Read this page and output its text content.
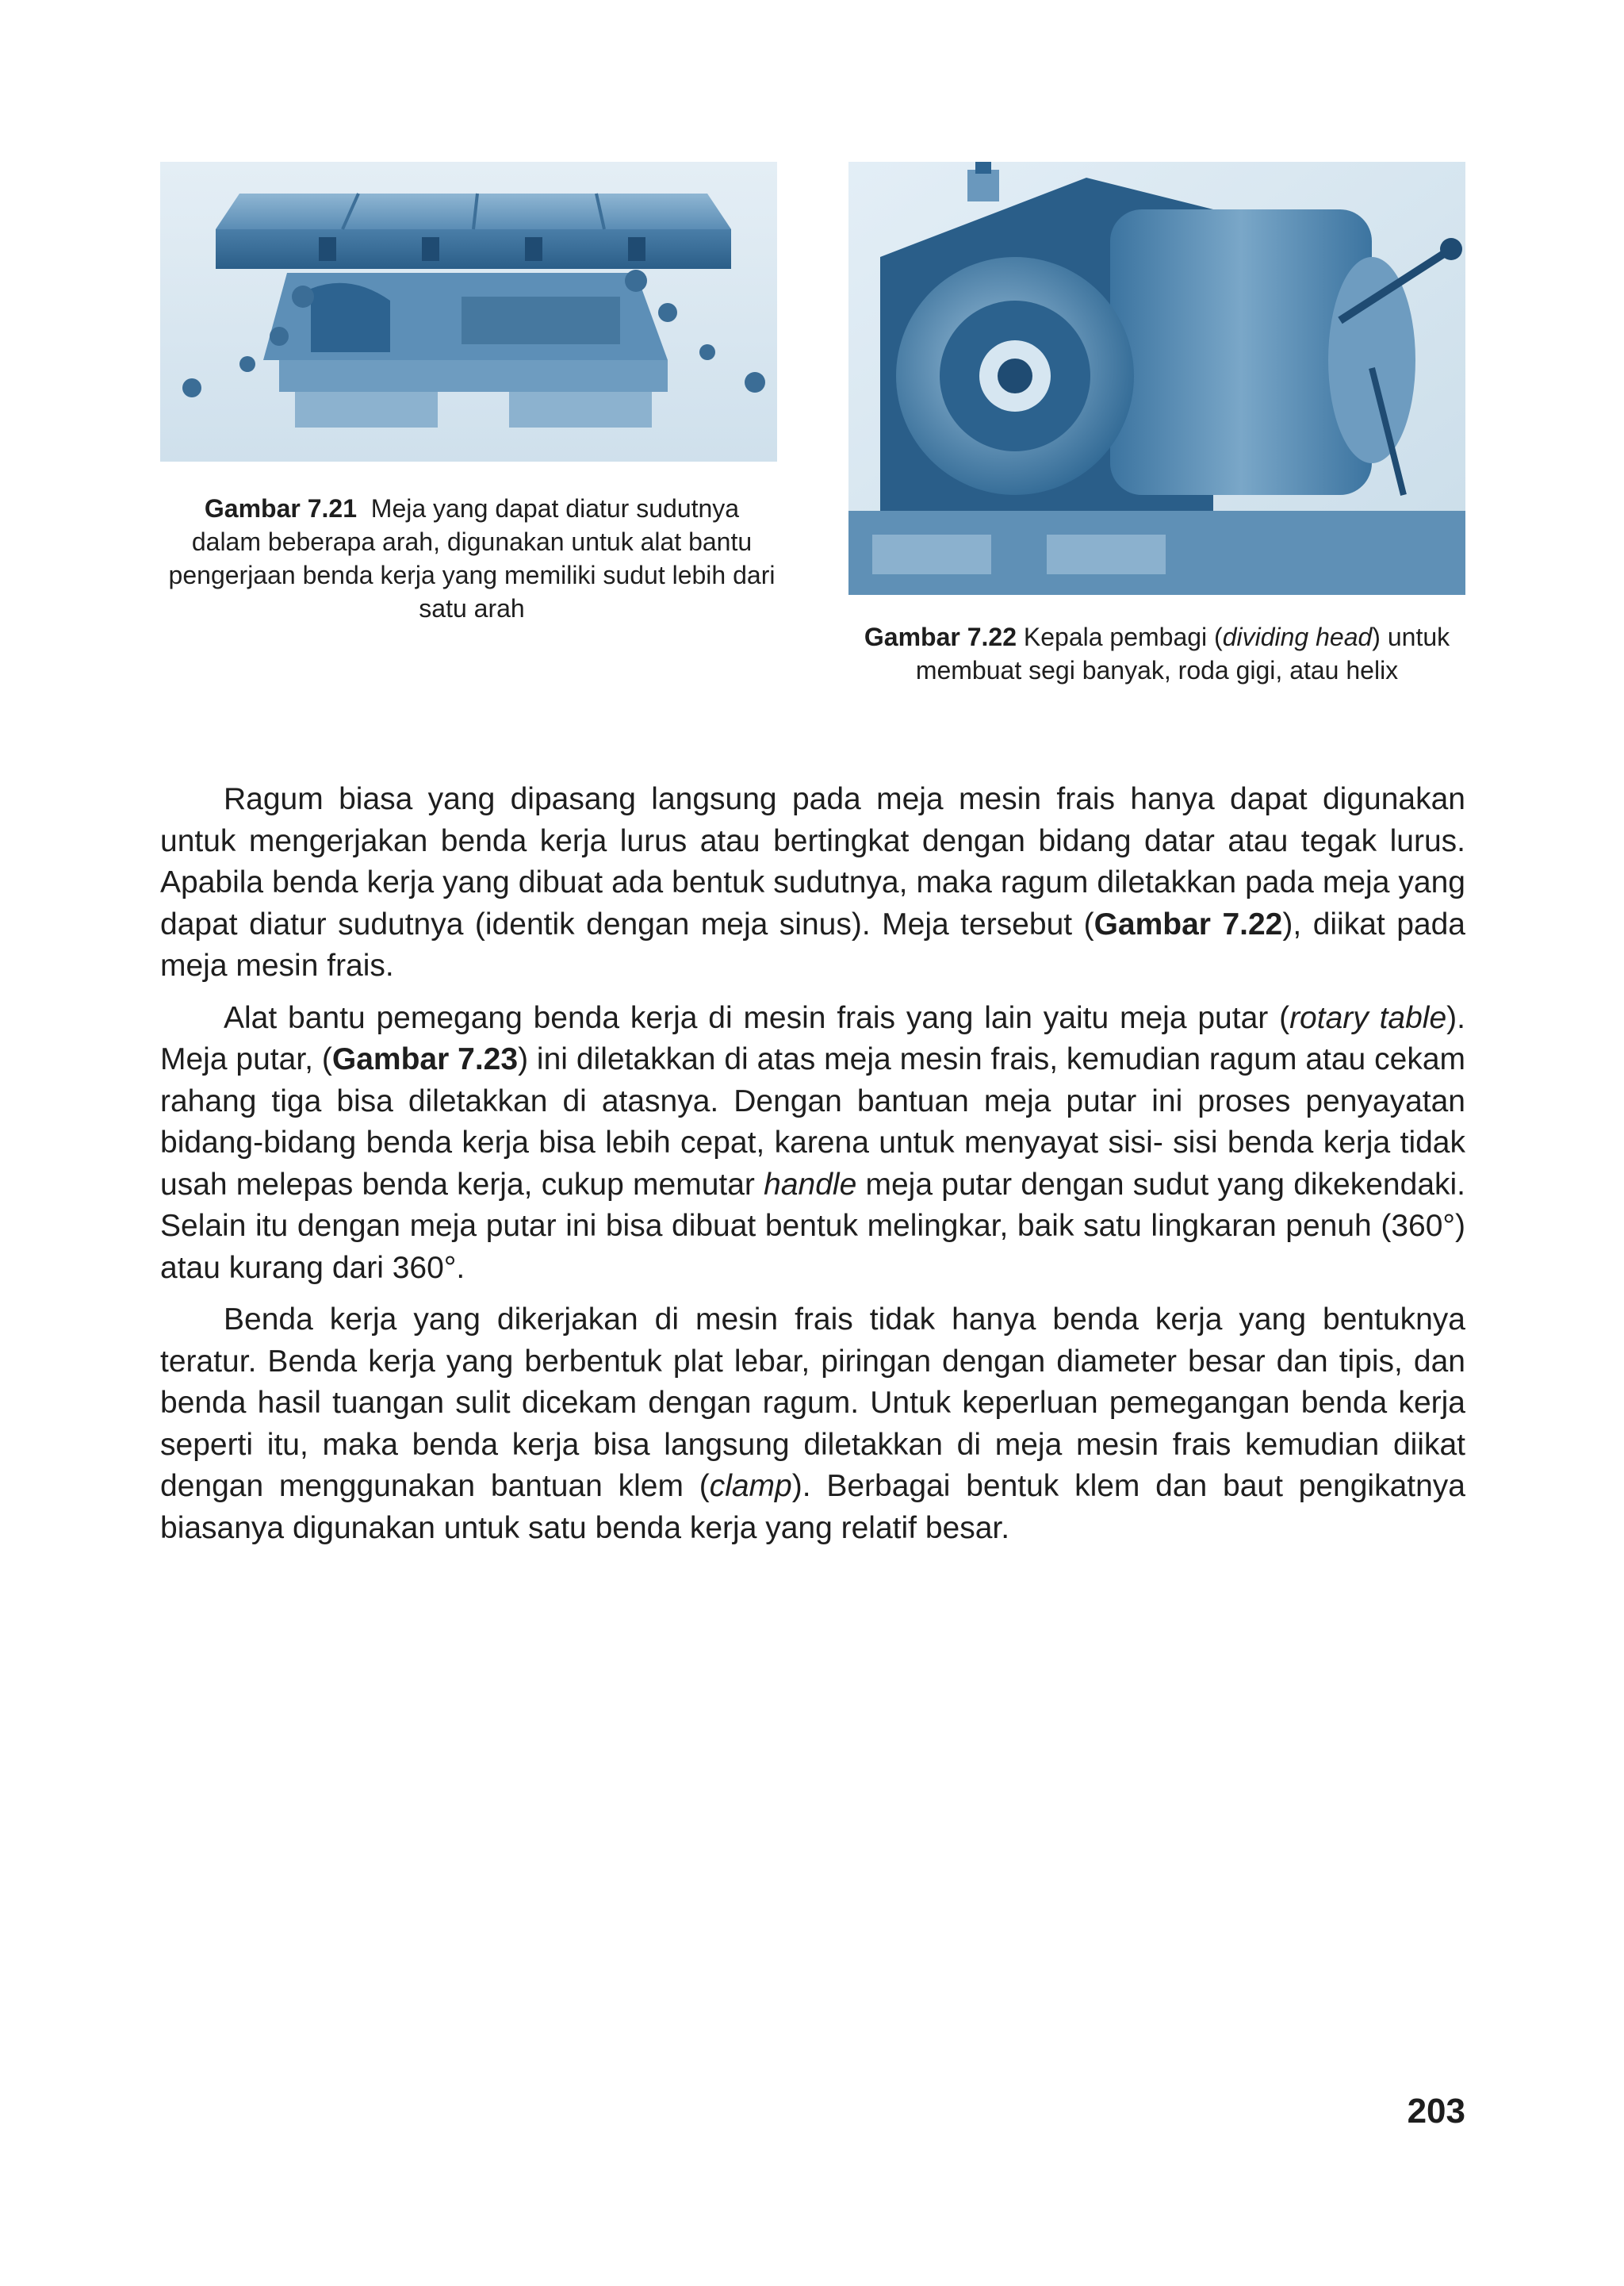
Gambar 7.21 Meja yang dapat diatur sudutnya dalam beberapa arah, digunakan untuk alat bantu pengerjaan benda kerja yang memiliki sudut lebih dari satu arah
Gambar 7.22 Kepala pembagi (dividing head) untuk membuat segi banyak, roda gigi, atau helix

Ragum biasa yang dipasang langsung pada meja mesin frais hanya dapat digunakan untuk mengerjakan benda kerja lurus atau bertingkat dengan bidang datar atau tegak lurus. Apabila benda kerja yang dibuat ada bentuk sudutnya, maka ragum diletakkan pada meja yang dapat diatur sudutnya (identik dengan meja sinus). Meja tersebut (Gambar 7.22), diikat pada meja mesin frais.

Alat bantu pemegang benda kerja di mesin frais yang lain yaitu meja putar (rotary table). Meja putar, (Gambar 7.23) ini diletakkan di atas meja mesin frais, kemudian ragum atau cekam rahang tiga bisa diletakkan di atasnya. Dengan bantuan meja putar ini proses penyayatan bidang-bidang benda kerja bisa lebih cepat, karena untuk menyayat sisi- sisi benda kerja tidak usah melepas benda kerja, cukup memutar handle meja putar dengan sudut yang dikekendaki. Selain itu dengan meja putar ini bisa dibuat bentuk melingkar, baik satu lingkaran penuh (360°) atau kurang dari 360°.

Benda kerja yang dikerjakan di mesin frais tidak hanya benda kerja yang bentuknya teratur. Benda kerja yang berbentuk plat lebar, piringan dengan diameter besar dan tipis, dan benda hasil tuangan sulit dicekam dengan ragum. Untuk keperluan pemegangan benda kerja seperti itu, maka benda kerja bisa langsung diletakkan di meja mesin frais kemudian diikat dengan menggunakan bantuan klem (clamp). Berbagai bentuk klem dan baut pengikatnya biasanya digunakan untuk satu benda kerja yang relatif besar.

203
